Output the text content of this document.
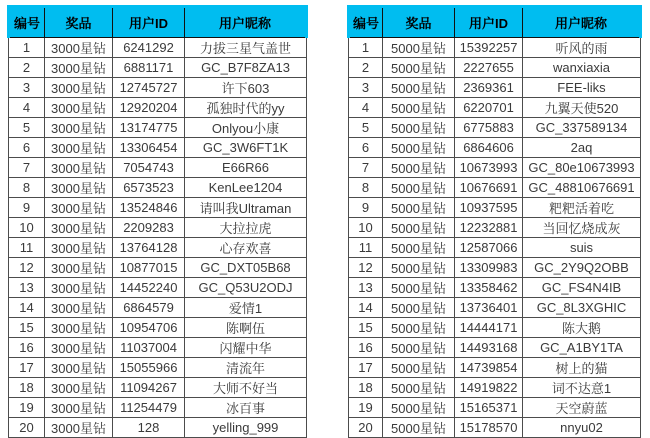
编号	奖品	用户ID	用户昵称
1	3000星钻	6241292	力拔三星气盖世
2	3000星钻	6881171	GC_B7F8ZA13
3	3000星钻	12745727	许下603
4	3000星钻	12920204	孤独时代的yy
5	3000星钻	13174775	Onlyou小康
6	3000星钻	13306454	GC_3W6FT1K
7	3000星钻	7054743	E66R66
8	3000星钻	6573523	KenLee1204
9	3000星钻	13524846	请叫我Ultraman
10	3000星钻	2209283	大拉拉虎
11	3000星钻	13764128	心存欢喜
12	3000星钻	10877015	GC_DXT05B68
13	3000星钻	14452240	GC_Q53U2ODJ
14	3000星钻	6864579	爱情1
15	3000星钻	10954706	陈啊伍
16	3000星钻	11037004	闪耀中华
17	3000星钻	15055966	清流年
18	3000星钻	11094267	大师不好当
19	3000星钻	11254479	冰百事
20	3000星钻	128	yelling_999
编号	奖品	用户ID	用户昵称
1	5000星钻	15392257	听风的雨
2	5000星钻	2227655	wanxiaxia
3	5000星钻	2369361	FEE-liks
4	5000星钻	6220701	九翼天使520
5	5000星钻	6775883	GC_337589134
6	5000星钻	6864606	2aq
7	5000星钻	10673993	GC_80e10673993
8	5000星钻	10676691	GC_48810676691
9	5000星钻	10937595	粑粑活着吃
10	5000星钻	12232881	当回忆烧成灰
11	5000星钻	12587066	suis
12	5000星钻	13309983	GC_2Y9Q2OBB
13	5000星钻	13358462	GC_FS4N4IB
14	5000星钻	13736401	GC_8L3XGHIC
15	5000星钻	14444171	陈大鹅
16	5000星钻	14493168	GC_A1BY1TA
17	5000星钻	14739854	树上的猫
18	5000星钻	14919822	词不达意1
19	5000星钻	15165371	天空蔚蓝
20	5000星钻	15178570	nnyu02
